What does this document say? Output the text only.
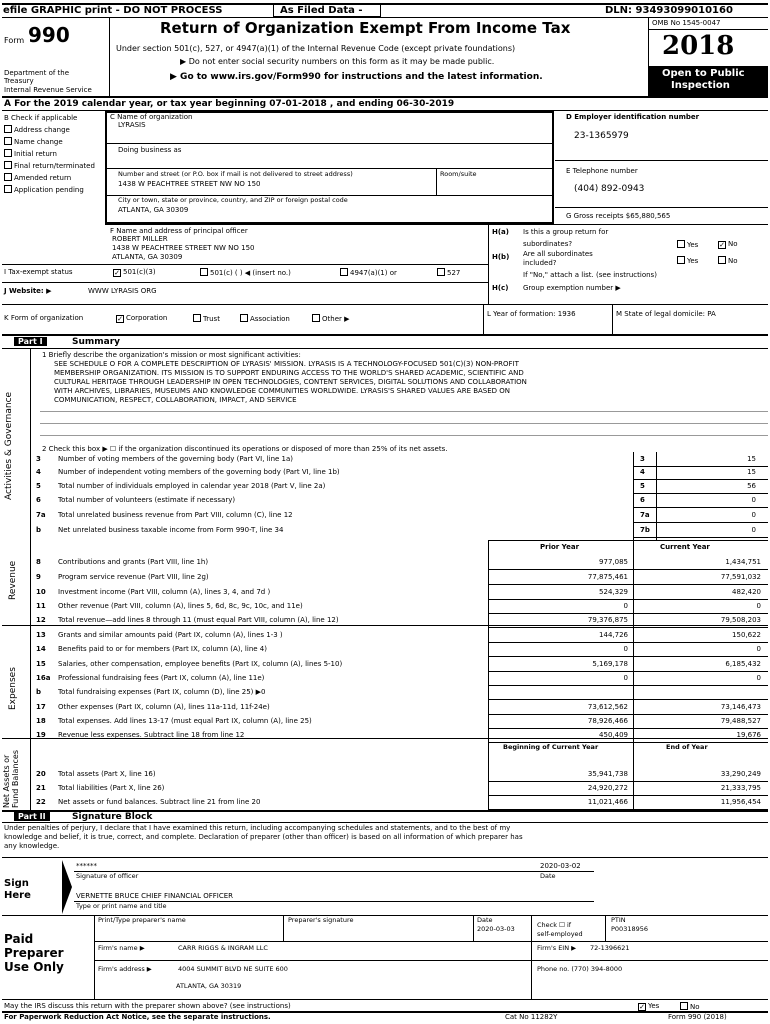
efile GRAPHIC print - DO NOT PROCESS	As Filed Data -	DLN: 93493099010160
Form 990
Department of the
Treasury
Internal Revenue Service
Return of Organization Exempt From Income Tax
Under section 501(c), 527, or 4947(a)(1) of the Internal Revenue Code (except private foundations)
▶ Do not enter social security numbers on this form as it may be made public.
▶ Go to www.irs.gov/Form990 for instructions and the latest information.
OMB No 1545-0047
2018
Open to Public
Inspection
A For the 2019 calendar year, or tax year beginning 07-01-2018 , and ending 06-30-2019
B Check if applicable
Address change
Name change
Initial return
Final return/terminated
Amended return
Application pending
C Name of organization
LYRASIS
Doing business as
Number and street (or P.O. box if mail is not delivered to street address)	Room/suite
1438 W PEACHTREE STREET NW NO 150
City or town, state or province, country, and ZIP or foreign postal code
ATLANTA, GA 30309
D Employer identification number
23-1365979
E Telephone number
(404) 892-0943
G Gross receipts $65,880,565
F Name and address of principal officer
ROBERT MILLER
1438 W PEACHTREE STREET NW NO 150
ATLANTA, GA 30309
H(a) Is this a group return for
subordinates?	Yes	✓ No
H(b) Are all subordinates
included?	Yes	No
If "No," attach a list. (see instructions)
H(c) Group exemption number ▶
I Tax-exempt status	✓ 501(c)(3)	501(c) ( ) ◀ (insert no.)	4947(a)(1) or	527
J Website: ▶	WWW LYRASIS ORG
K Form of organization	✓ Corporation	Trust	Association	Other ▶
L Year of formation: 1936	M State of legal domicile: PA
Part I	Summary
1 Briefly describe the organization's mission or most significant activities:
SEE SCHEDULE O FOR A COMPLETE DESCRIPTION OF LYRASIS' MISSION. LYRASIS IS A TECHNOLOGY-FOCUSED 501(C)(3) NON-PROFIT
MEMBERSHIP ORGANIZATION. ITS MISSION IS TO SUPPORT ENDURING ACCESS TO THE WORLD'S SHARED ACADEMIC, SCIENTIFIC AND
CULTURAL HERITAGE THROUGH LEADERSHIP IN OPEN TECHNOLOGIES, CONTENT SERVICES, DIGITAL SOLUTIONS AND COLLABORATION
WITH ARCHIVES, LIBRARIES, MUSEUMS AND KNOWLEDGE COMMUNITIES WORLDWIDE. LYRASIS'S SHARED VALUES ARE BASED ON
COMMUNICATION, RESPECT, COLLABORATION, IMPACT, AND SERVICE
Activities & Governance
Revenue
Expenses
Net Assets or Fund Balances
2 Check this box ▶ ☐ if the organization discontinued its operations or disposed of more than 25% of its net assets.
3 Number of voting members of the governing body (Part VI, line 1a)	3	15
4 Number of independent voting members of the governing body (Part VI, line 1b)	4	15
5 Total number of individuals employed in calendar year 2018 (Part V, line 2a)	5	56
6 Total number of volunteers (estimate if necessary)	6	0
7a Total unrelated business revenue from Part VIII, column (C), line 12	7a	0
b Net unrelated business taxable income from Form 990-T, line 34	7b	0
Prior Year	Current Year
8 Contributions and grants (Part VIII, line 1h)	977,085	1,434,751
9 Program service revenue (Part VIII, line 2g)	77,875,461	77,591,032
10 Investment income (Part VIII, column (A), lines 3, 4, and 7d )	524,329	482,420
11 Other revenue (Part VIII, column (A), lines 5, 6d, 8c, 9c, 10c, and 11e)	0	0
12 Total revenue—add lines 8 through 11 (must equal Part VIII, column (A), line 12)	79,376,875	79,508,203
13 Grants and similar amounts paid (Part IX, column (A), lines 1-3 )	144,726	150,622
14 Benefits paid to or for members (Part IX, column (A), line 4)	0	0
15 Salaries, other compensation, employee benefits (Part IX, column (A), lines 5-10)	5,169,178	6,185,432
16a Professional fundraising fees (Part IX, column (A), line 11e)	0	0
b Total fundraising expenses (Part IX, column (D), line 25) ▶0
17 Other expenses (Part IX, column (A), lines 11a-11d, 11f-24e)	73,612,562	73,146,473
18 Total expenses. Add lines 13-17 (must equal Part IX, column (A), line 25)	78,926,466	79,488,527
19 Revenue less expenses. Subtract line 18 from line 12	450,409	19,676
Beginning of Current Year	End of Year
20 Total assets (Part X, line 16)	35,941,738	33,290,249
21 Total liabilities (Part X, line 26)	24,920,272	21,333,795
22 Net assets or fund balances. Subtract line 21 from line 20	11,021,466	11,956,454
Part II	Signature Block
Under penalties of perjury, I declare that I have examined this return, including accompanying schedules and statements, and to the best of my
knowledge and belief, it is true, correct, and complete. Declaration of preparer (other than officer) is based on all information of which preparer has
any knowledge.
Sign
Here
******
Signature of officer
2020-03-02
Date
VERNETTE BRUCE CHIEF FINANCIAL OFFICER
Type or print name and title
Paid
Preparer
Use Only
Print/Type preparer's name	Preparer's signature	Date
2020-03-03	Check ☐ if
self-employed
PTIN
P00318956
Firm's name ▶	CARR RIGGS & INGRAM LLC	Firm's EIN ▶ 72-1396621
Firm's address ▶	4004 SUMMIT BLVD NE SUITE 600
ATLANTA, GA 30319
Phone no. (770) 394-8000
May the IRS discuss this return with the preparer shown above? (see instructions)	✓ Yes	No
For Paperwork Reduction Act Notice, see the separate instructions.	Cat No 11282Y	Form 990 (2018)
